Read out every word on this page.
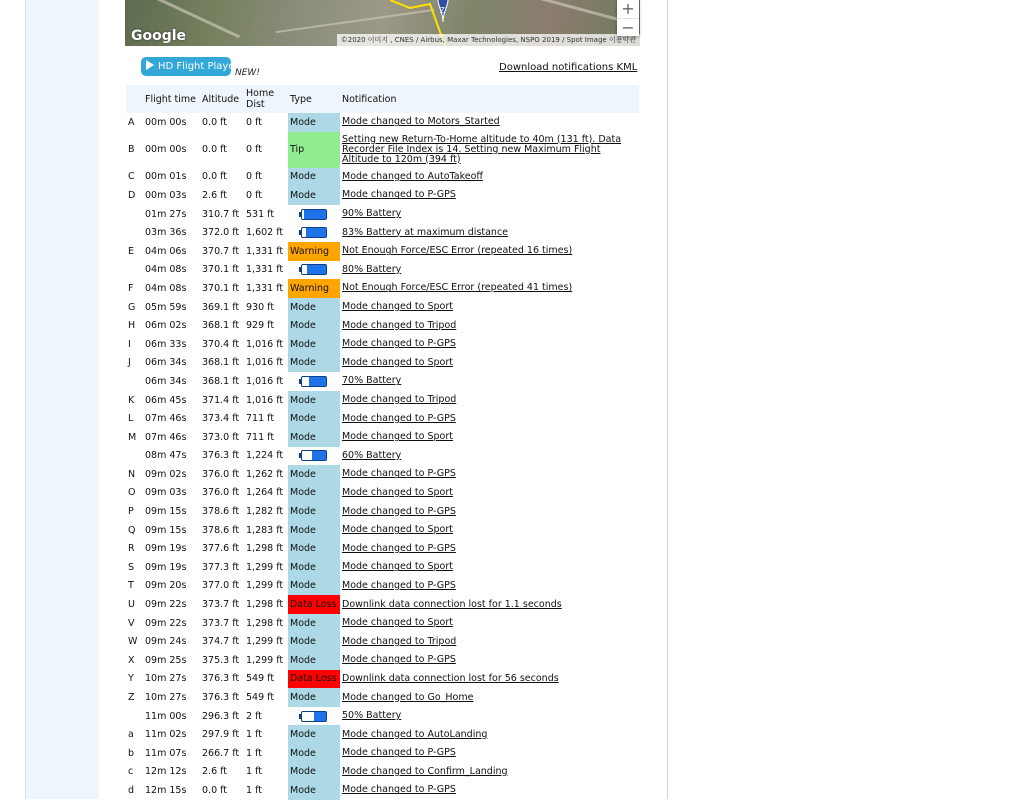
Z
Google	©2020 이미지 , CNES / Airbus, Maxar Technologies, NSPO 2019 / Spot Image 이용약관
+
−
HD Flight Player
NEW!	Download notifications KML
	Flight time	Altitude	Home Dist	Type	Notification
A	00m 00s	0.0 ft	0 ft	Mode	Mode changed to Motors_Started
B	00m 00s	0.0 ft	0 ft	Tip	Setting new Return-To-Home altitude to 40m (131 ft). Data Recorder File Index is 14. Setting new Maximum Flight Altitude to 120m (394 ft)
C	00m 01s	0.0 ft	0 ft	Mode	Mode changed to AutoTakeoff
D	00m 03s	2.6 ft	0 ft	Mode	Mode changed to P-GPS
	01m 27s	310.7 ft	531 ft		90% Battery
	03m 36s	372.0 ft	1,602 ft		83% Battery at maximum distance
E	04m 06s	370.7 ft	1,331 ft	Warning	Not Enough Force/ESC Error (repeated 16 times)
	04m 08s	370.1 ft	1,331 ft		80% Battery
F	04m 08s	370.1 ft	1,331 ft	Warning	Not Enough Force/ESC Error (repeated 41 times)
G	05m 59s	369.1 ft	930 ft	Mode	Mode changed to Sport
H	06m 02s	368.1 ft	929 ft	Mode	Mode changed to Tripod
I	06m 33s	370.4 ft	1,016 ft	Mode	Mode changed to P-GPS
J	06m 34s	368.1 ft	1,016 ft	Mode	Mode changed to Sport
	06m 34s	368.1 ft	1,016 ft		70% Battery
K	06m 45s	371.4 ft	1,016 ft	Mode	Mode changed to Tripod
L	07m 46s	373.4 ft	711 ft	Mode	Mode changed to P-GPS
M	07m 46s	373.0 ft	711 ft	Mode	Mode changed to Sport
	08m 47s	376.3 ft	1,224 ft		60% Battery
N	09m 02s	376.0 ft	1,262 ft	Mode	Mode changed to P-GPS
O	09m 03s	376.0 ft	1,264 ft	Mode	Mode changed to Sport
P	09m 15s	378.6 ft	1,282 ft	Mode	Mode changed to P-GPS
Q	09m 15s	378.6 ft	1,283 ft	Mode	Mode changed to Sport
R	09m 19s	377.6 ft	1,298 ft	Mode	Mode changed to P-GPS
S	09m 19s	377.3 ft	1,299 ft	Mode	Mode changed to Sport
T	09m 20s	377.0 ft	1,299 ft	Mode	Mode changed to P-GPS
U	09m 22s	373.7 ft	1,298 ft	Data Loss	Downlink data connection lost for 1.1 seconds
V	09m 22s	373.7 ft	1,298 ft	Mode	Mode changed to Sport
W	09m 24s	374.7 ft	1,299 ft	Mode	Mode changed to Tripod
X	09m 25s	375.3 ft	1,299 ft	Mode	Mode changed to P-GPS
Y	10m 27s	376.3 ft	549 ft	Data Loss	Downlink data connection lost for 56 seconds
Z	10m 27s	376.3 ft	549 ft	Mode	Mode changed to Go_Home
	11m 00s	296.3 ft	2 ft		50% Battery
a	11m 02s	297.9 ft	1 ft	Mode	Mode changed to AutoLanding
b	11m 07s	266.7 ft	1 ft	Mode	Mode changed to P-GPS
c	12m 12s	2.6 ft	1 ft	Mode	Mode changed to Confirm_Landing
d	12m 15s	0.0 ft	1 ft	Mode	Mode changed to P-GPS
